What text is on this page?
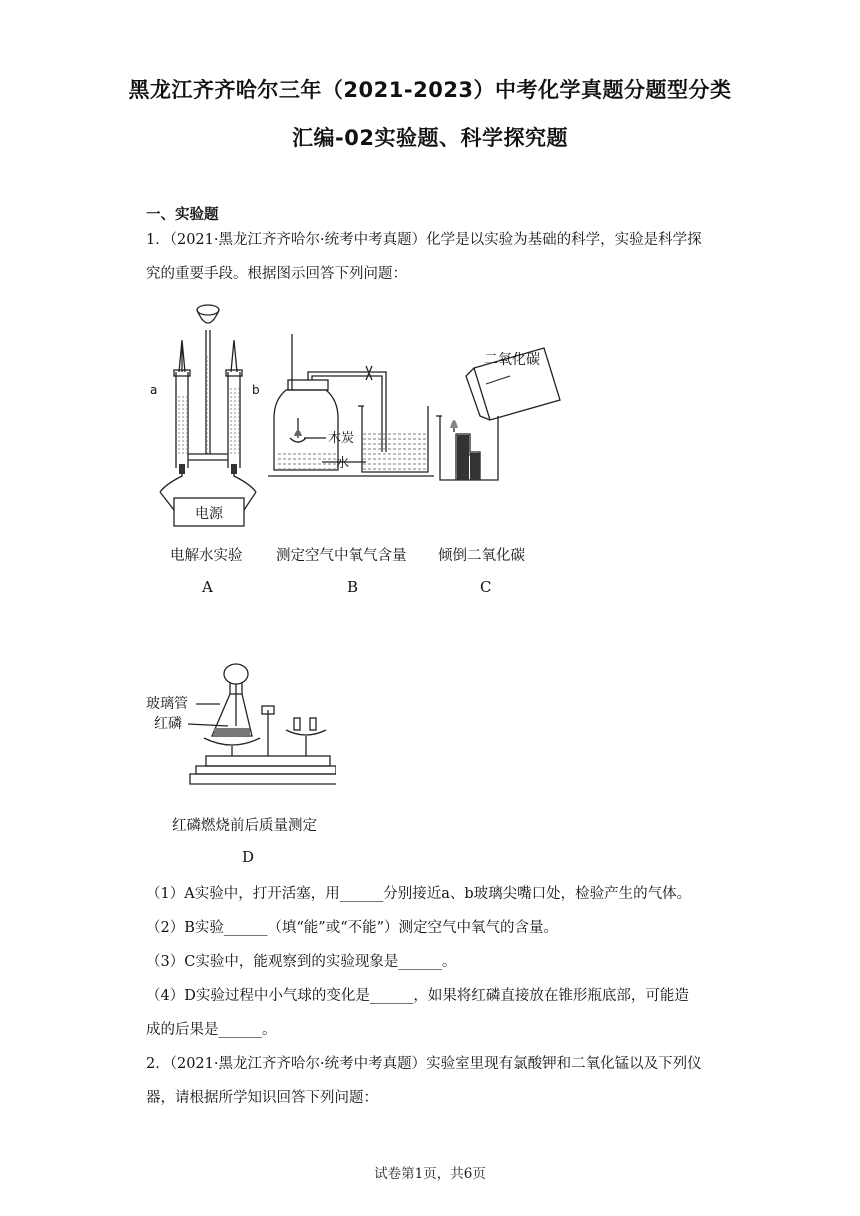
黑龙江齐齐哈尔三年（2021-2023）中考化学真题分题型分类
汇编-02实验题、科学探究题
一、实验题
1．（2021·黑龙江齐齐哈尔·统考中考真题）化学是以实验为基础的科学，实验是科学探
究的重要手段。根据图示回答下列问题：
a	b
电源
电解水实验
A
木炭
水
测定空气中氧气含量
B
二氧化碳
倾倒二氧化碳
C
玻璃管
红磷
红磷燃烧前后质量测定
D
（1）A实验中，打开活塞，用______分别接近a、b玻璃尖嘴口处，检验产生的气体。
（2）B实验______（填“能”或“不能”）测定空气中氧气的含量。
（3）C实验中，能观察到的实验现象是______。
（4）D实验过程中小气球的变化是______，如果将红磷直接放在锥形瓶底部，可能造
成的后果是______。
2．（2021·黑龙江齐齐哈尔·统考中考真题）实验室里现有氯酸钾和二氧化锰以及下列仪
器，请根据所学知识回答下列问题：
试卷第1页，共6页
